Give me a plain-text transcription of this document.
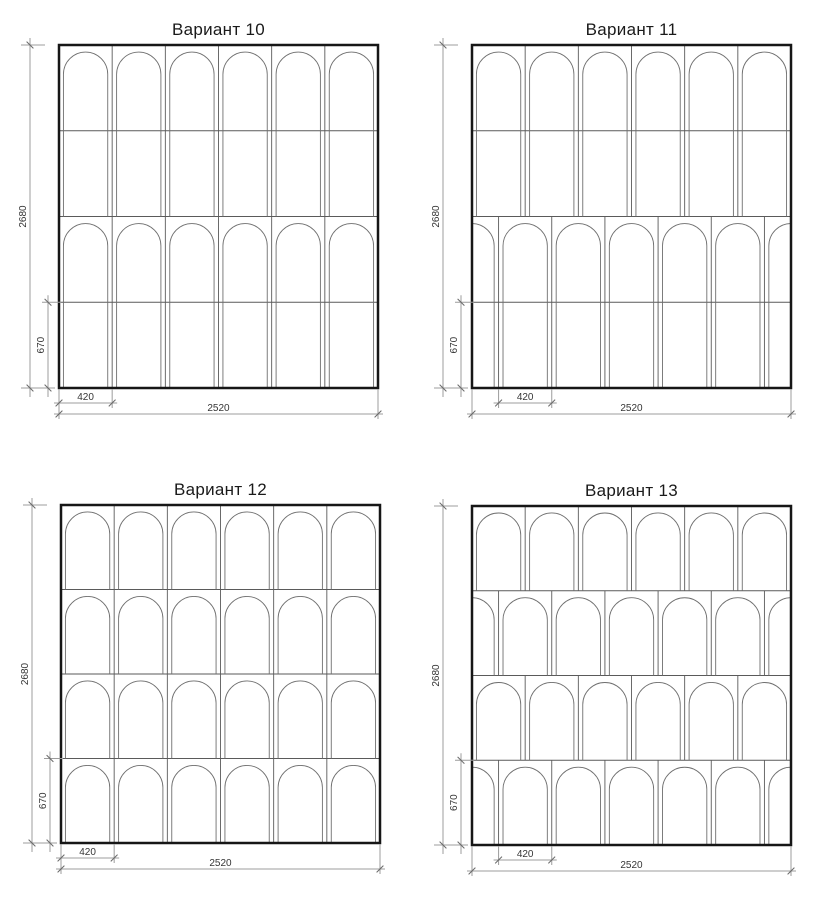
2680
670
420
2520
2680
670
420
2520
2680
670
420
2520
2680
670
420
2520
Вариант 10	Вариант 11
Вариант 12	Вариант 13
